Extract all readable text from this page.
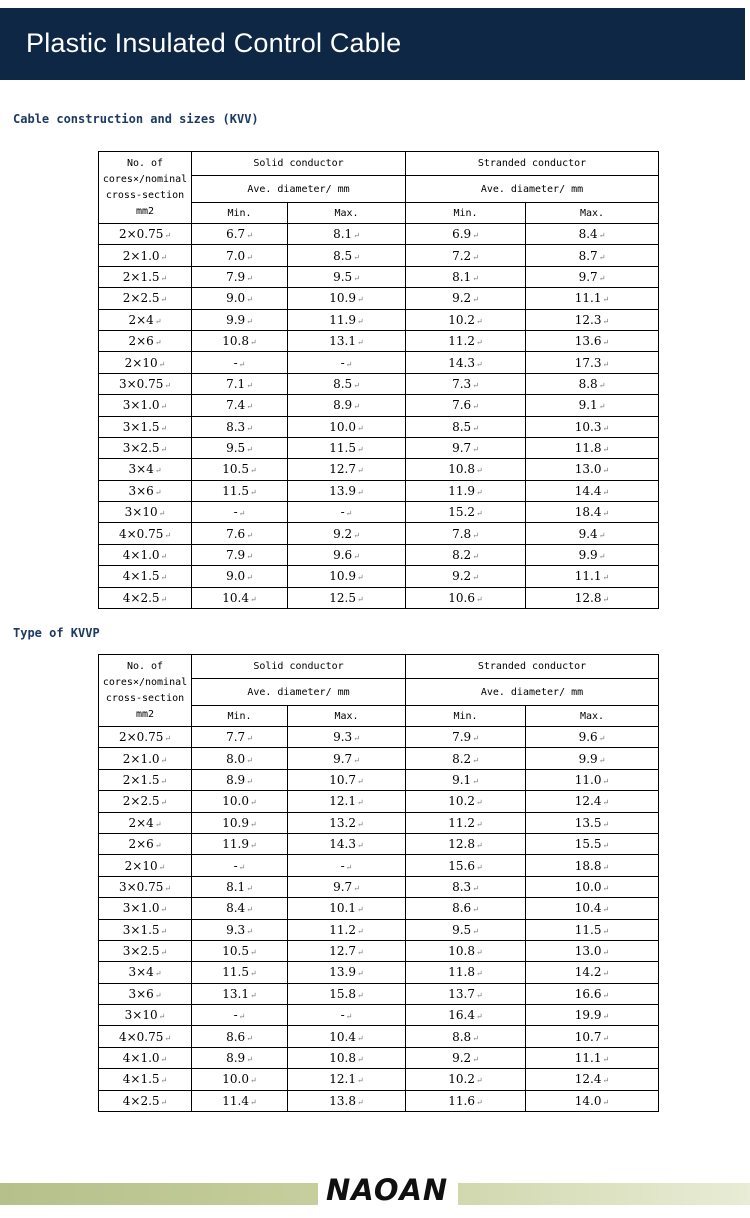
Plastic Insulated Control Cable
Cable construction and sizes (KVV)
No. of cores×/nominal cross-section mm2	Solid conductor		Stranded conductor	
	Ave. diameter/ mm		Ave. diameter/ mm	
	Min.	Max.	Min.	Max.
2×0.75↵	6.7↵	8.1↵	6.9↵	8.4↵
2×1.0↵	7.0↵	8.5↵	7.2↵	8.7↵
2×1.5↵	7.9↵	9.5↵	8.1↵	9.7↵
2×2.5↵	9.0↵	10.9↵	9.2↵	11.1↵
2×4↵	9.9↵	11.9↵	10.2↵	12.3↵
2×6↵	10.8↵	13.1↵	11.2↵	13.6↵
2×10↵	-↵	-↵	14.3↵	17.3↵
3×0.75↵	7.1↵	8.5↵	7.3↵	8.8↵
3×1.0↵	7.4↵	8.9↵	7.6↵	9.1↵
3×1.5↵	8.3↵	10.0↵	8.5↵	10.3↵
3×2.5↵	9.5↵	11.5↵	9.7↵	11.8↵
3×4↵	10.5↵	12.7↵	10.8↵	13.0↵
3×6↵	11.5↵	13.9↵	11.9↵	14.4↵
3×10↵	-↵	-↵	15.2↵	18.4↵
4×0.75↵	7.6↵	9.2↵	7.8↵	9.4↵
4×1.0↵	7.9↵	9.6↵	8.2↵	9.9↵
4×1.5↵	9.0↵	10.9↵	9.2↵	11.1↵
4×2.5↵	10.4↵	12.5↵	10.6↵	12.8↵
Type of KVVP
No. of cores×/nominal cross-section mm2	Solid conductor		Stranded conductor	
	Ave. diameter/ mm		Ave. diameter/ mm	
	Min.	Max.	Min.	Max.
2×0.75↵	7.7↵	9.3↵	7.9↵	9.6↵
2×1.0↵	8.0↵	9.7↵	8.2↵	9.9↵
2×1.5↵	8.9↵	10.7↵	9.1↵	11.0↵
2×2.5↵	10.0↵	12.1↵	10.2↵	12.4↵
2×4↵	10.9↵	13.2↵	11.2↵	13.5↵
2×6↵	11.9↵	14.3↵	12.8↵	15.5↵
2×10↵	-↵	-↵	15.6↵	18.8↵
3×0.75↵	8.1↵	9.7↵	8.3↵	10.0↵
3×1.0↵	8.4↵	10.1↵	8.6↵	10.4↵
3×1.5↵	9.3↵	11.2↵	9.5↵	11.5↵
3×2.5↵	10.5↵	12.7↵	10.8↵	13.0↵
3×4↵	11.5↵	13.9↵	11.8↵	14.2↵
3×6↵	13.1↵	15.8↵	13.7↵	16.6↵
3×10↵	-↵	-↵	16.4↵	19.9↵
4×0.75↵	8.6↵	10.4↵	8.8↵	10.7↵
4×1.0↵	8.9↵	10.8↵	9.2↵	11.1↵
4×1.5↵	10.0↵	12.1↵	10.2↵	12.4↵
4×2.5↵	11.4↵	13.8↵	11.6↵	14.0↵
NAOAN
